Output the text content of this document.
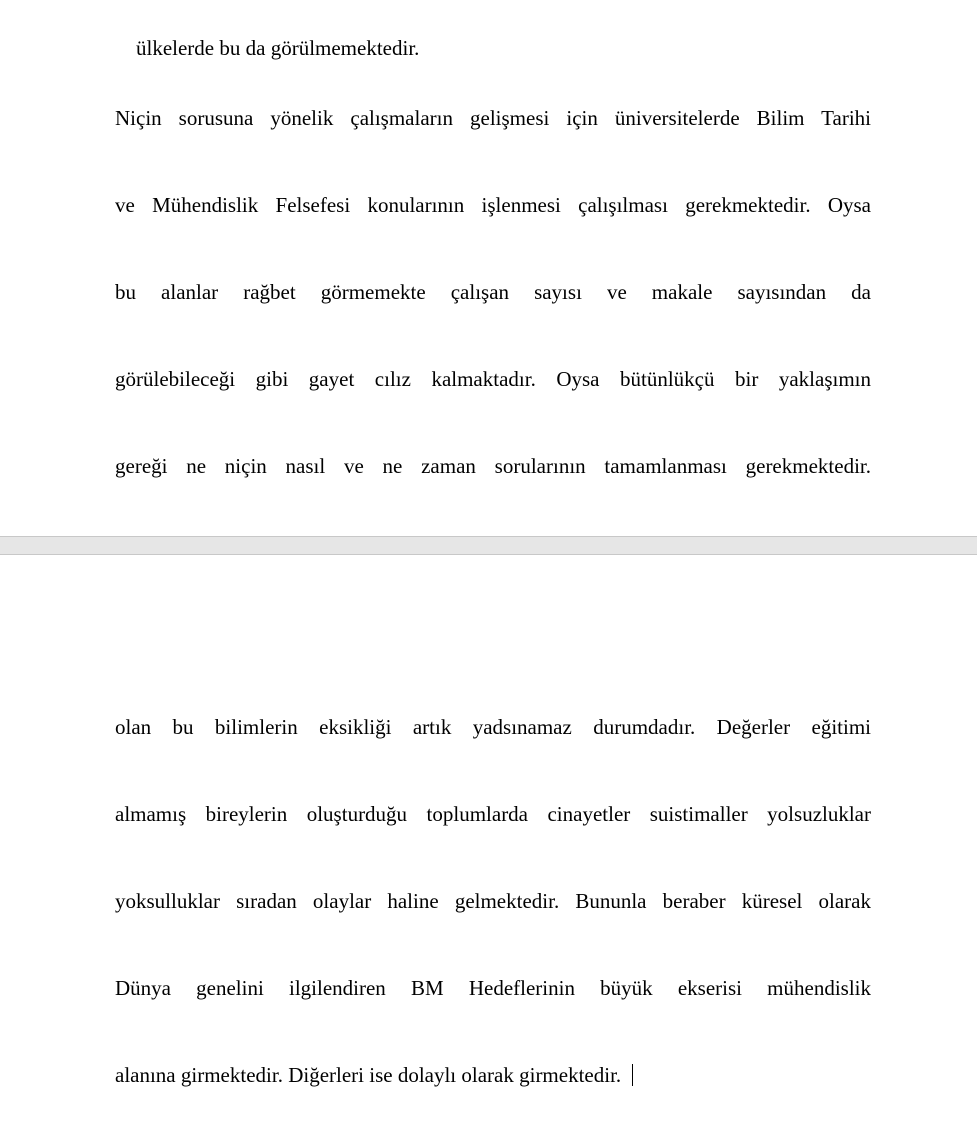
ülkelerde bu da görülmemektedir.

Niçin sorusuna yönelik çalışmaların gelişmesi için üniversitelerde Bilim Tarihi

ve Mühendislik Felsefesi konularının işlenmesi çalışılması gerekmektedir. Oysa

bu alanlar rağbet görmemekte çalışan sayısı ve makale sayısından da

görülebileceği gibi gayet cılız kalmaktadır. Oysa bütünlükçü bir yaklaşımın

gereği ne niçin nasıl ve ne zaman sorularının tamamlanması gerekmektedir.

olan bu bilimlerin eksikliği artık yadsınamaz durumdadır. Değerler eğitimi

almamış bireylerin oluşturduğu toplumlarda cinayetler suistimaller yolsuzluklar

yoksulluklar sıradan olaylar haline gelmektedir. Bununla beraber küresel olarak

Dünya genelini ilgilendiren BM Hedeflerinin büyük ekserisi mühendislik

alanına girmektedir. Diğerleri ise dolaylı olarak girmektedir.
